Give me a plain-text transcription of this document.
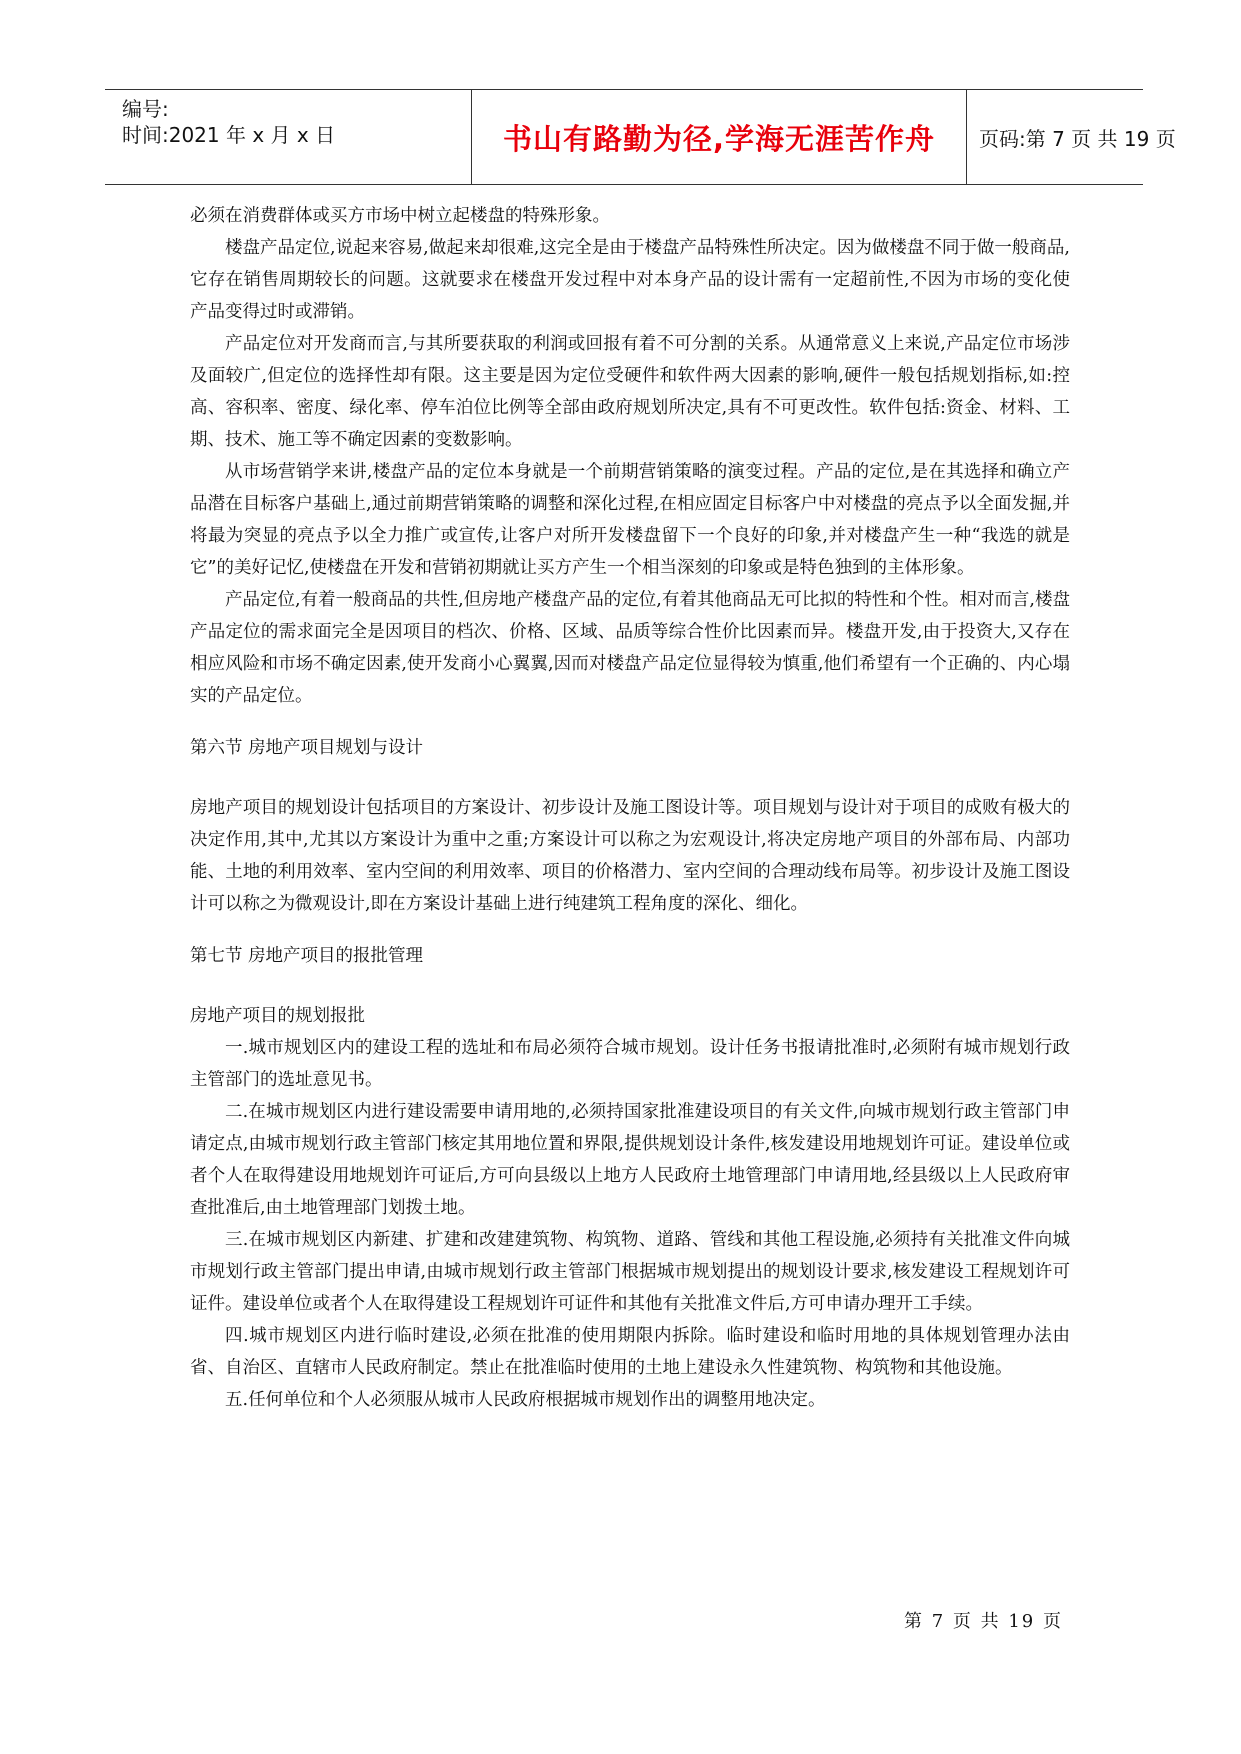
编号:
时间:2021 年 x 月 x 日	书山有路勤为径,学海无涯苦作舟	页码:第 7 页 共 19 页

必须在消费群体或买方市场中树立起楼盘的特殊形象。

楼盘产品定位,说起来容易,做起来却很难,这完全是由于楼盘产品特殊性所决定。因为做楼盘不同于做一般商品,它存在销售周期较长的问题。这就要求在楼盘开发过程中对本身产品的设计需有一定超前性,不因为市场的变化使产品变得过时或滞销。

产品定位对开发商而言,与其所要获取的利润或回报有着不可分割的关系。从通常意义上来说,产品定位市场涉及面较广,但定位的选择性却有限。这主要是因为定位受硬件和软件两大因素的影响,硬件一般包括规划指标,如:控高、容积率、密度、绿化率、停车泊位比例等全部由政府规划所决定,具有不可更改性。软件包括:资金、材料、工期、技术、施工等不确定因素的变数影响。

从市场营销学来讲,楼盘产品的定位本身就是一个前期营销策略的演变过程。产品的定位,是在其选择和确立产品潜在目标客户基础上,通过前期营销策略的调整和深化过程,在相应固定目标客户中对楼盘的亮点予以全面发掘,并将最为突显的亮点予以全力推广或宣传,让客户对所开发楼盘留下一个良好的印象,并对楼盘产生一种“我选的就是它”的美好记忆,使楼盘在开发和营销初期就让买方产生一个相当深刻的印象或是特色独到的主体形象。

产品定位,有着一般商品的共性,但房地产楼盘产品的定位,有着其他商品无可比拟的特性和个性。相对而言,楼盘产品定位的需求面完全是因项目的档次、价格、区域、品质等综合性价比因素而异。楼盘开发,由于投资大,又存在相应风险和市场不确定因素,使开发商小心翼翼,因而对楼盘产品定位显得较为慎重,他们希望有一个正确的、内心塌实的产品定位。

第六节 房地产项目规划与设计

房地产项目的规划设计包括项目的方案设计、初步设计及施工图设计等。项目规划与设计对于项目的成败有极大的决定作用,其中,尤其以方案设计为重中之重;方案设计可以称之为宏观设计,将决定房地产项目的外部布局、内部功能、土地的利用效率、室内空间的利用效率、项目的价格潜力、室内空间的合理动线布局等。初步设计及施工图设计可以称之为微观设计,即在方案设计基础上进行纯建筑工程角度的深化、细化。

第七节 房地产项目的报批管理

房地产项目的规划报批

一.城市规划区内的建设工程的选址和布局必须符合城市规划。设计任务书报请批准时,必须附有城市规划行政主管部门的选址意见书。

二.在城市规划区内进行建设需要申请用地的,必须持国家批准建设项目的有关文件,向城市规划行政主管部门申请定点,由城市规划行政主管部门核定其用地位置和界限,提供规划设计条件,核发建设用地规划许可证。建设单位或者个人在取得建设用地规划许可证后,方可向县级以上地方人民政府土地管理部门申请用地,经县级以上人民政府审查批准后,由土地管理部门划拨土地。

三.在城市规划区内新建、扩建和改建建筑物、构筑物、道路、管线和其他工程设施,必须持有关批准文件向城市规划行政主管部门提出申请,由城市规划行政主管部门根据城市规划提出的规划设计要求,核发建设工程规划许可证件。建设单位或者个人在取得建设工程规划许可证件和其他有关批准文件后,方可申请办理开工手续。

四.城市规划区内进行临时建设,必须在批准的使用期限内拆除。临时建设和临时用地的具体规划管理办法由省、自治区、直辖市人民政府制定。禁止在批准临时使用的土地上建设永久性建筑物、构筑物和其他设施。

五.任何单位和个人必须服从城市人民政府根据城市规划作出的调整用地决定。

第 7 页 共 19 页
